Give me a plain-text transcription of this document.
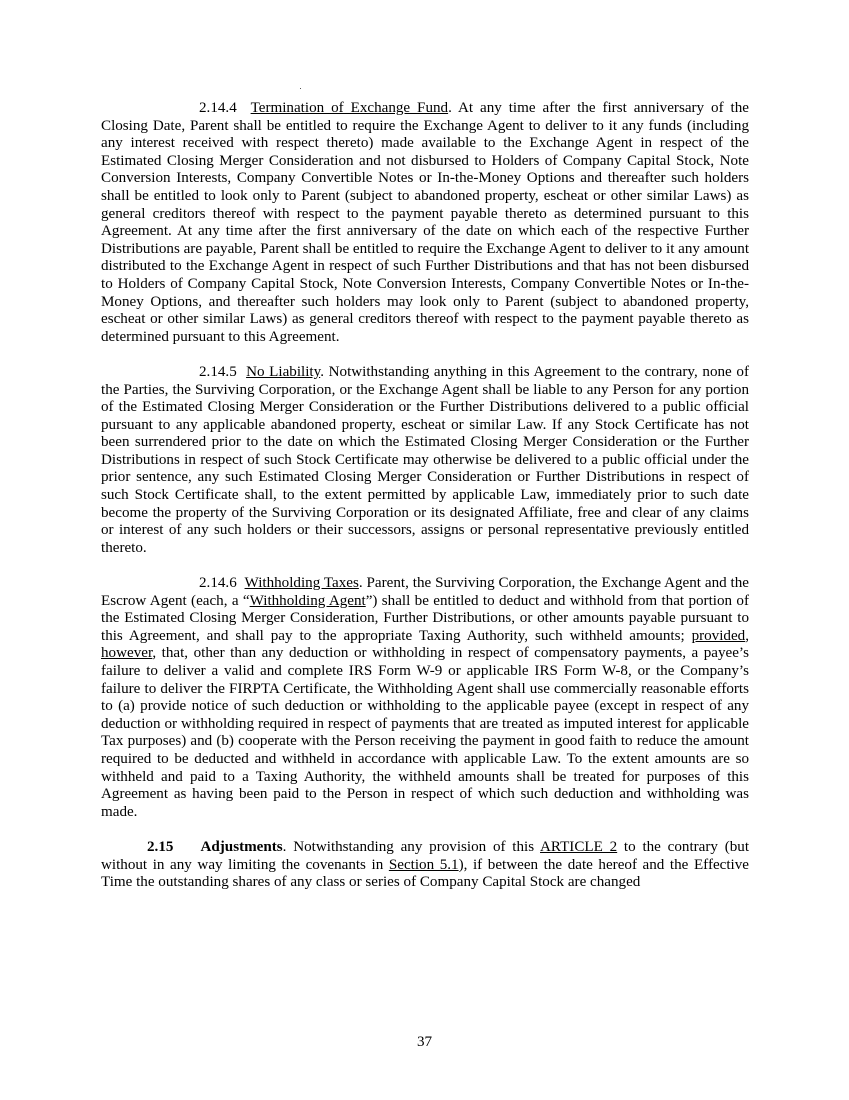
2.14.4 Termination of Exchange Fund. At any time after the first anniversary of the Closing Date, Parent shall be entitled to require the Exchange Agent to deliver to it any funds (including any interest received with respect thereto) made available to the Exchange Agent in respect of the Estimated Closing Merger Consideration and not disbursed to Holders of Company Capital Stock, Note Conversion Interests, Company Convertible Notes or In-the-Money Options and thereafter such holders shall be entitled to look only to Parent (subject to abandoned property, escheat or other similar Laws) as general creditors thereof with respect to the payment payable thereto as determined pursuant to this Agreement. At any time after the first anniversary of the date on which each of the respective Further Distributions are payable, Parent shall be entitled to require the Exchange Agent to deliver to it any amount distributed to the Exchange Agent in respect of such Further Distributions and that has not been disbursed to Holders of Company Capital Stock, Note Conversion Interests, Company Convertible Notes or In-the-Money Options, and thereafter such holders may look only to Parent (subject to abandoned property, escheat or other similar Laws) as general creditors thereof with respect to the payment payable thereto as determined pursuant to this Agreement.

2.14.5 No Liability. Notwithstanding anything in this Agreement to the contrary, none of the Parties, the Surviving Corporation, or the Exchange Agent shall be liable to any Person for any portion of the Estimated Closing Merger Consideration or the Further Distributions delivered to a public official pursuant to any applicable abandoned property, escheat or similar Law. If any Stock Certificate has not been surrendered prior to the date on which the Estimated Closing Merger Consideration or the Further Distributions in respect of such Stock Certificate may otherwise be delivered to a public official under the prior sentence, any such Estimated Closing Merger Consideration or Further Distributions in respect of such Stock Certificate shall, to the extent permitted by applicable Law, immediately prior to such date become the property of the Surviving Corporation or its designated Affiliate, free and clear of any claims or interest of any such holders or their successors, assigns or personal representative previously entitled thereto.

2.14.6 Withholding Taxes. Parent, the Surviving Corporation, the Exchange Agent and the Escrow Agent (each, a “Withholding Agent”) shall be entitled to deduct and withhold from that portion of the Estimated Closing Merger Consideration, Further Distributions, or other amounts payable pursuant to this Agreement, and shall pay to the appropriate Taxing Authority, such withheld amounts; provided, however, that, other than any deduction or withholding in respect of compensatory payments, a payee’s failure to deliver a valid and complete IRS Form W-9 or applicable IRS Form W-8, or the Company’s failure to deliver the FIRPTA Certificate, the Withholding Agent shall use commercially reasonable efforts to (a) provide notice of such deduction or withholding to the applicable payee (except in respect of any deduction or withholding required in respect of payments that are treated as imputed interest for applicable Tax purposes) and (b) cooperate with the Person receiving the payment in good faith to reduce the amount required to be deducted and withheld in accordance with applicable Law. To the extent amounts are so withheld and paid to a Taxing Authority, the withheld amounts shall be treated for purposes of this Agreement as having been paid to the Person in respect of which such deduction and withholding was made.

2.15 Adjustments. Notwithstanding any provision of this ARTICLE 2 to the contrary (but without in any way limiting the covenants in Section 5.1), if between the date hereof and the Effective Time the outstanding shares of any class or series of Company Capital Stock are changed

37
